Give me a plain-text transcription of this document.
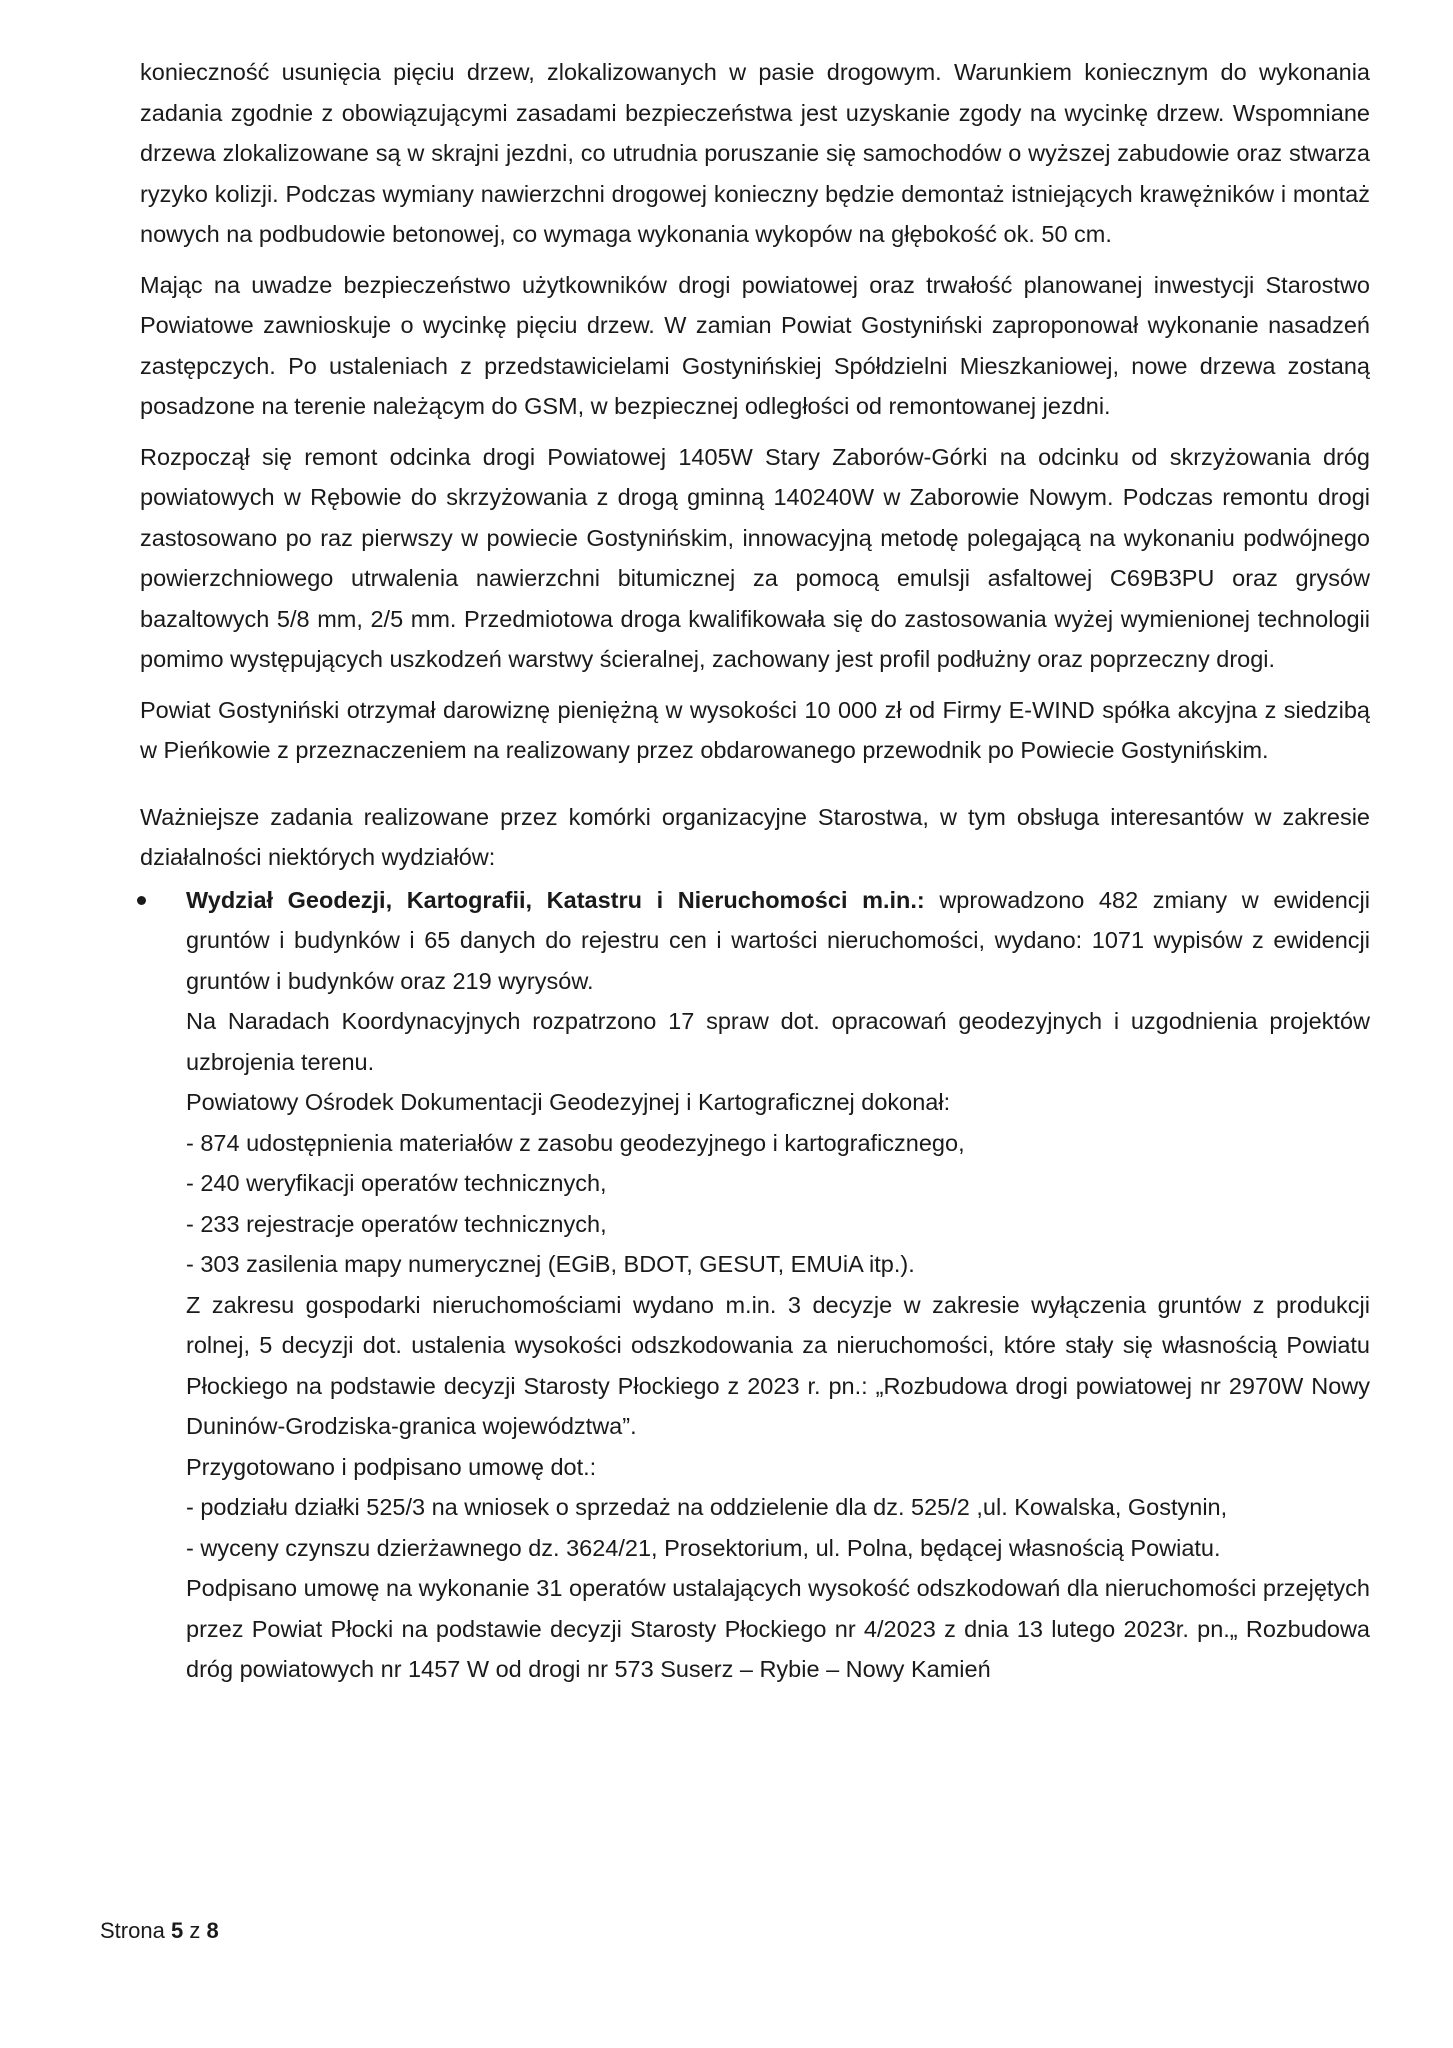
konieczność usunięcia pięciu drzew, zlokalizowanych w pasie drogowym. Warunkiem koniecznym do wykonania zadania zgodnie z obowiązującymi zasadami bezpieczeństwa jest uzyskanie zgody na wycinkę drzew. Wspomniane drzewa zlokalizowane są w skrajni jezdni, co utrudnia poruszanie się samochodów o wyższej zabudowie oraz stwarza ryzyko kolizji. Podczas wymiany nawierzchni drogowej konieczny będzie demontaż istniejących krawężników i montaż nowych na podbudowie betonowej, co wymaga wykonania wykopów na głębokość ok. 50 cm.

Mając na uwadze bezpieczeństwo użytkowników drogi powiatowej oraz trwałość planowanej inwestycji Starostwo Powiatowe zawnioskuje o wycinkę pięciu drzew. W zamian Powiat Gostyniński zaproponował wykonanie nasadzeń zastępczych. Po ustaleniach z przedstawicielami Gostynińskiej Spółdzielni Mieszkaniowej, nowe drzewa zostaną posadzone na terenie należącym do GSM, w bezpiecznej odległości od remontowanej jezdni.

Rozpoczął się remont odcinka drogi Powiatowej 1405W Stary Zaborów-Górki na odcinku od skrzyżowania dróg powiatowych w Rębowie do skrzyżowania z drogą gminną 140240W w Zaborowie Nowym. Podczas remontu drogi zastosowano po raz pierwszy w powiecie Gostynińskim, innowacyjną metodę polegającą na wykonaniu podwójnego powierzchniowego utrwalenia nawierzchni bitumicznej za pomocą emulsji asfaltowej C69B3PU oraz grysów bazaltowych 5/8 mm, 2/5 mm. Przedmiotowa droga kwalifikowała się do zastosowania wyżej wymienionej technologii pomimo występujących uszkodzeń warstwy ścieralnej, zachowany jest profil podłużny oraz poprzeczny drogi.

Powiat Gostyniński otrzymał darowiznę pieniężną w wysokości 10 000 zł od Firmy E-WIND spółka akcyjna z siedzibą w Pieńkowie z przeznaczeniem na realizowany przez obdarowanego przewodnik po Powiecie Gostynińskim.

Ważniejsze zadania realizowane przez komórki organizacyjne Starostwa, w tym obsługa interesantów w zakresie działalności niektórych wydziałów:

Wydział Geodezji, Kartografii, Katastru i Nieruchomości m.in.: wprowadzono 482 zmiany w ewidencji gruntów i budynków i 65 danych do rejestru cen i wartości nieruchomości, wydano: 1071 wypisów z ewidencji gruntów i budynków oraz 219 wyrysów.

Na Naradach Koordynacyjnych rozpatrzono 17 spraw dot. opracowań geodezyjnych i uzgodnienia projektów uzbrojenia terenu.

Powiatowy Ośrodek Dokumentacji Geodezyjnej i Kartograficznej dokonał:

- 874 udostępnienia materiałów z zasobu geodezyjnego i kartograficznego,

- 240 weryfikacji operatów technicznych,

- 233 rejestracje operatów technicznych,

- 303 zasilenia mapy numerycznej (EGiB, BDOT, GESUT, EMUiA itp.).

Z zakresu gospodarki nieruchomościami wydano m.in. 3 decyzje w zakresie wyłączenia gruntów z produkcji rolnej, 5 decyzji dot. ustalenia wysokości odszkodowania za nieruchomości, które stały się własnością Powiatu Płockiego na podstawie decyzji Starosty Płockiego z 2023 r. pn.: „Rozbudowa drogi powiatowej nr 2970W Nowy Duninów-Grodziska-granica województwa”.

Przygotowano i podpisano umowę dot.:

- podziału działki 525/3 na wniosek o sprzedaż na oddzielenie dla dz. 525/2 ,ul. Kowalska, Gostynin,

- wyceny czynszu dzierżawnego dz. 3624/21, Prosektorium, ul. Polna, będącej własnością Powiatu.

Podpisano umowę na wykonanie 31 operatów ustalających wysokość odszkodowań dla nieruchomości przejętych przez Powiat Płocki na podstawie decyzji Starosty Płockiego nr 4/2023 z dnia 13 lutego 2023r. pn.„ Rozbudowa dróg powiatowych nr 1457 W od drogi nr 573 Suserz – Rybie – Nowy Kamień

Strona 5 z 8
